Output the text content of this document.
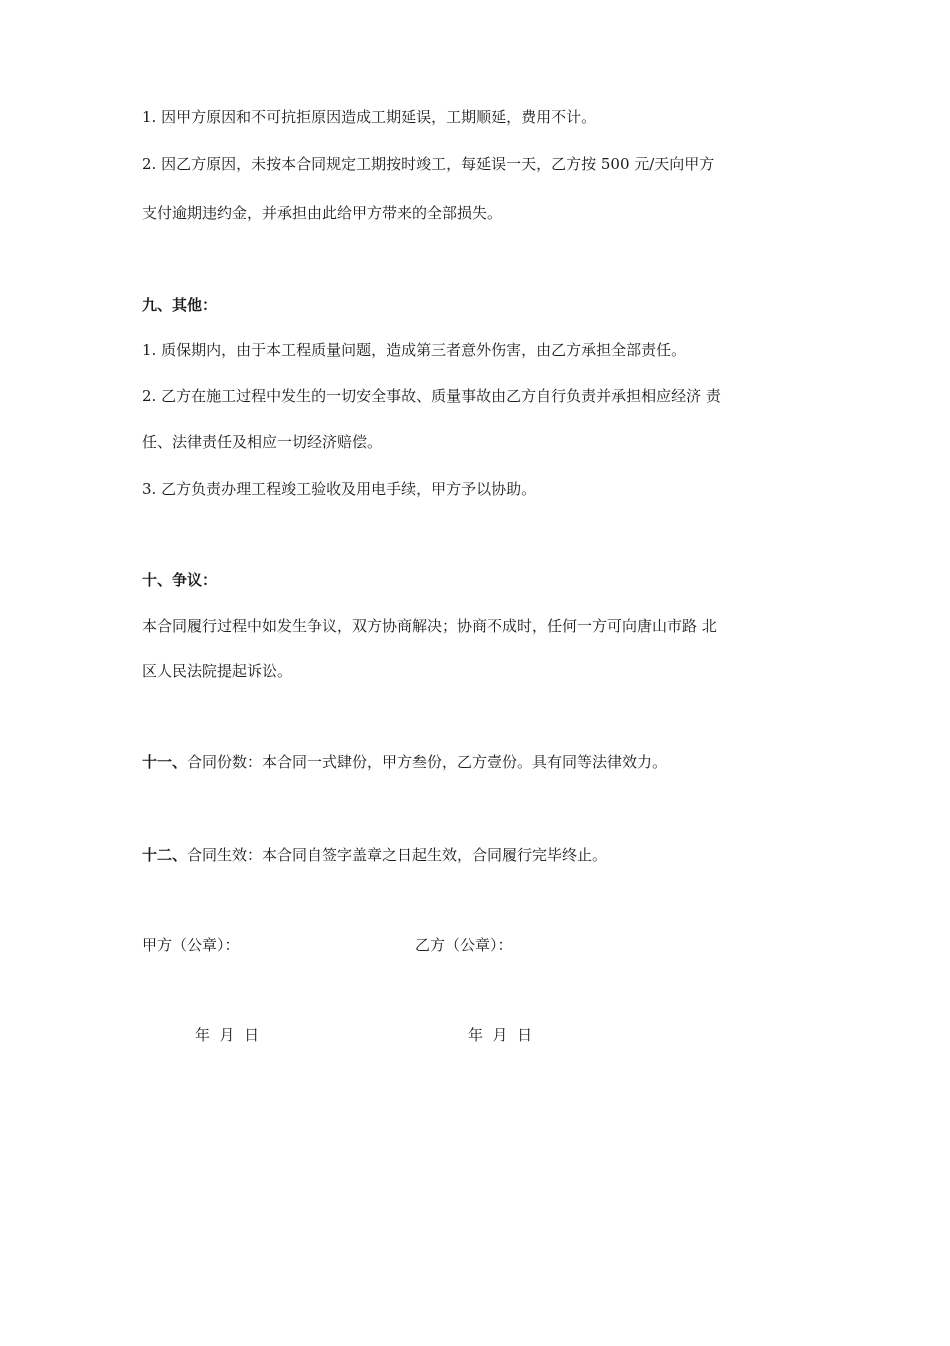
1. 因甲方原因和不可抗拒原因造成工期延误，工期顺延，费用不计。
2. 因乙方原因，未按本合同规定工期按时竣工，每延误一天，乙方按 500 元/天向甲方
支付逾期违约金，并承担由此给甲方带来的全部损失。
九、其他：
1. 质保期内，由于本工程质量问题，造成第三者意外伤害，由乙方承担全部责任。
2. 乙方在施工过程中发生的一切安全事故、质量事故由乙方自行负责并承担相应经济 责
任、法律责任及相应一切经济赔偿。
3. 乙方负责办理工程竣工验收及用电手续，甲方予以协助。
十、争议：
本合同履行过程中如发生争议，双方协商解决；协商不成时，任何一方可向唐山市路 北
区人民法院提起诉讼。
十一、合同份数：本合同一式肆份，甲方叁份，乙方壹份。具有同等法律效力。
十二、合同生效：本合同自签字盖章之日起生效，合同履行完毕终止。
甲方（公章）：	乙方（公章）：
年  月  日	年  月  日
